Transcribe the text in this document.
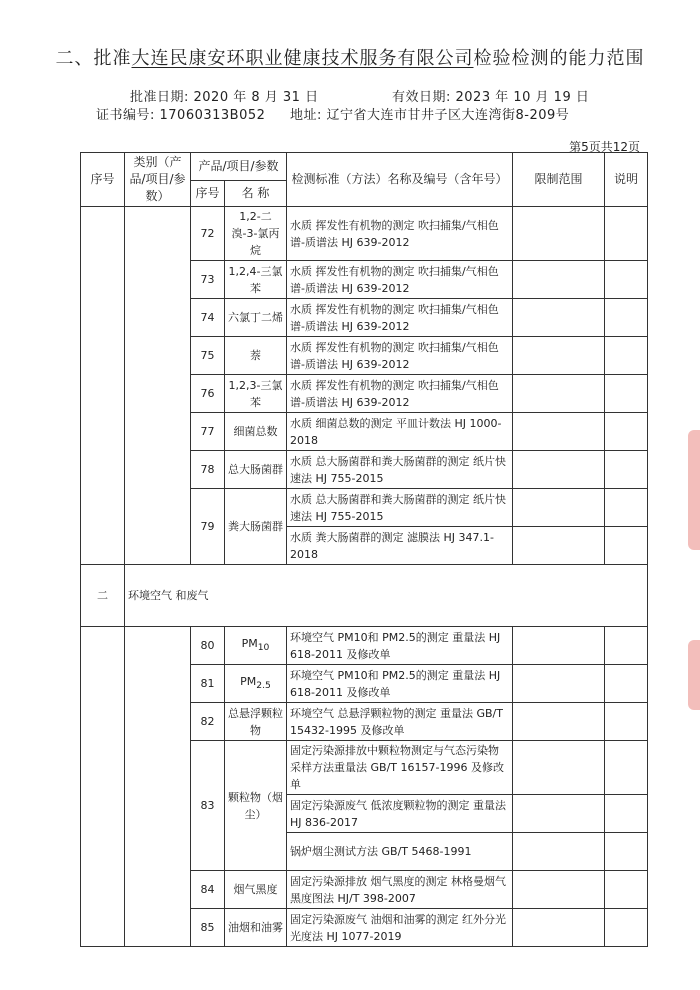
二、批准大连民康安环职业健康技术服务有限公司检验检测的能力范围
批准日期: 2020 年 8 月 31 日	有效日期: 2023 年 10 月 19 日
证书编号: 17060313B052 地址: 辽宁省大连市甘井子区大连湾街8-209号
第5页共12页
序号	类别（产品/项目/参数）	产品/项目/参数		检测标准（方法）名称及编号（含年号）	限制范围	说明
		序号	名 称			
		72	1,2-二溴-3-氯丙烷	水质 挥发性有机物的测定 吹扫捕集/气相色谱-质谱法 HJ 639-2012		
		73	1,2,4-三氯苯	水质 挥发性有机物的测定 吹扫捕集/气相色谱-质谱法 HJ 639-2012		
		74	六氯丁二烯	水质 挥发性有机物的测定 吹扫捕集/气相色谱-质谱法 HJ 639-2012		
		75	萘	水质 挥发性有机物的测定 吹扫捕集/气相色谱-质谱法 HJ 639-2012		
		76	1,2,3-三氯苯	水质 挥发性有机物的测定 吹扫捕集/气相色谱-质谱法 HJ 639-2012		
		77	细菌总数	水质 细菌总数的测定 平皿计数法 HJ 1000-2018		
		78	总大肠菌群	水质 总大肠菌群和粪大肠菌群的测定 纸片快速法 HJ 755-2015		
		79	粪大肠菌群	水质 总大肠菌群和粪大肠菌群的测定 纸片快速法 HJ 755-2015		
				水质 粪大肠菌群的测定 滤膜法 HJ 347.1-2018		
二	环境空气 和废气					
		80	$PM_{10}$	环境空气 PM10和 PM2.5的测定 重量法 HJ 618-2011 及修改单		
		81	$PM_{2.5}$	环境空气 PM10和 PM2.5的测定 重量法 HJ 618-2011 及修改单		
		82	总悬浮颗粒物	环境空气 总悬浮颗粒物的测定 重量法 GB/T 15432-1995 及修改单		
		83	颗粒物（烟尘）	固定污染源排放中颗粒物测定与气态污染物采样方法重量法 GB/T 16157-1996 及修改单		
				固定污染源废气 低浓度颗粒物的测定 重量法 HJ 836-2017		
				锅炉烟尘测试方法 GB/T 5468-1991		
		84	烟气黑度	固定污染源排放 烟气黑度的测定 林格曼烟气黑度图法 HJ/T 398-2007		
		85	油烟和油雾	固定污染源废气 油烟和油雾的测定 红外分光光度法 HJ 1077-2019		
